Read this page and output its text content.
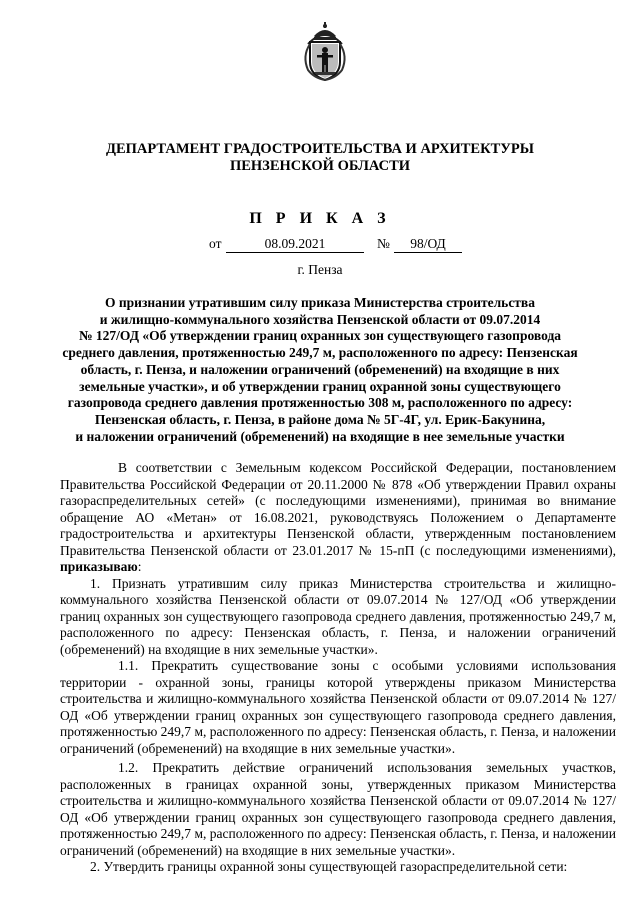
ДЕПАРТАМЕНТ ГРАДОСТРОИТЕЛЬСТВА И АРХИТЕКТУРЫ
ПЕНЗЕНСКОЙ ОБЛАСТИ
П Р И К А З
от	08.09.2021	№	98/ОД
г. Пенза
О признании утратившим силу приказа Министерства строительства
и жилищно-коммунального хозяйства Пензенской области от 09.07.2014
№ 127/ОД «Об утверждении границ охранных зон существующего газопровода
среднего давления, протяженностью 249,7 м, расположенного по адресу: Пензенская
область, г. Пенза, и наложении ограничений (обременений) на входящие в них
земельные участки», и об утверждении границ охранной зоны существующего
газопровода среднего давления протяженностью 308 м, расположенного по адресу:
Пензенская область, г. Пенза, в районе дома № 5Г-4Г, ул. Ерик-Бакунина,
и наложении ограничений (обременений) на входящие в нее земельные участки

В соответствии с Земельным кодексом Российской Федерации, постановлением Правительства Российской Федерации от 20.11.2000 № 878 «Об утверждении Правил охраны газораспределительных сетей» (с последующими изменениями), принимая во внимание обращение АО «Метан» от 16.08.2021, руководствуясь Положением о Департаменте градостроительства и архитектуры Пензенской области, утвержденным постановлением Правительства Пензенской области от 23.01.2017 № 15-пП (с последующими изменениями), приказываю:

1. Признать утратившим силу приказ Министерства строительства и жилищно-коммунального хозяйства Пензенской области от 09.07.2014 № 127/ОД «Об утверждении границ охранных зон существующего газопровода среднего давления, протяженностью 249,7 м, расположенного по адресу: Пензенская область, г. Пенза, и наложении ограничений (обременений) на входящие в них земельные участки».

1.1. Прекратить существование зоны с особыми условиями использования территории - охранной зоны, границы которой утверждены приказом Министерства строительства и жилищно-коммунального хозяйства Пензенской области от 09.07.2014 № 127/ОД «Об утверждении границ охранных зон существующего газопровода среднего давления, протяженностью 249,7 м, расположенного по адресу: Пензенская область, г. Пенза, и наложении ограничений (обременений) на входящие в них земельные участки».

1.2. Прекратить действие ограничений использования земельных участков, расположенных в границах охранной зоны, утвержденных приказом Министерства строительства и жилищно-коммунального хозяйства Пензенской области от 09.07.2014 № 127/ОД «Об утверждении границ охранных зон существующего газопровода среднего давления, протяженностью 249,7 м, расположенного по адресу: Пензенская область, г. Пенза, и наложении ограничений (обременений) на входящие в них земельные участки».

2. Утвердить границы охранной зоны существующей газораспределительной сети:
